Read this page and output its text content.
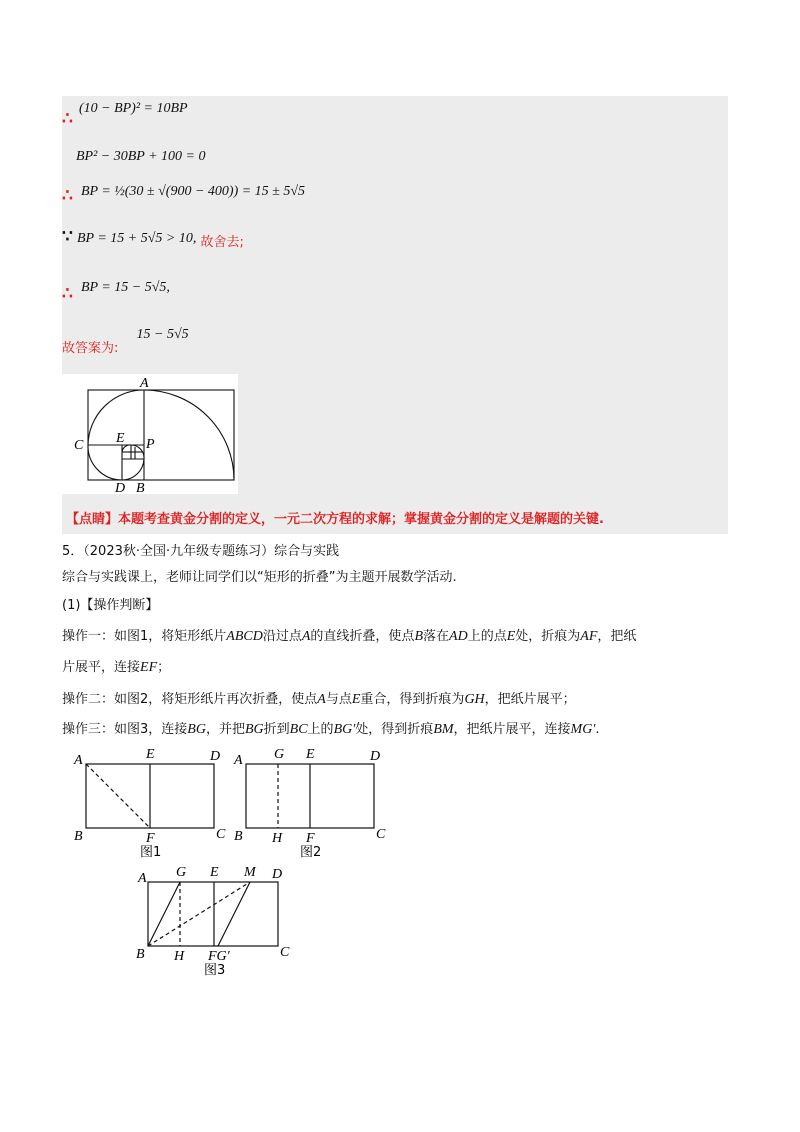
∴ (10 − BP)² = 10BP
BP² − 30BP + 100 = 0
∴ BP = ½(30 ± √(900 − 400)) = 15 ± 5√5
∵ BP = 15 + 5√5 > 10, 故舍去;
∴ BP = 15 − 5√5,
故答案为: 15 − 5√5
A
C E P
D B
【点睛】本题考查黄金分割的定义，一元二次方程的求解；掌握黄金分割的定义是解题的关键.
5．（2023秋·全国·九年级专题练习）综合与实践
综合与实践课上，老师让同学们以“矩形的折叠”为主题开展数学活动.
(1)【操作判断】
操作一：如图1，将矩形纸片ABCD沿过点A的直线折叠，使点B落在AD上的点E处，折痕为AF，把纸
片展平，连接EF；
操作二：如图2，将矩形纸片再次折叠，使点A与点E重合，得到折痕为GH，把纸片展平；
操作三：如图3，连接BG，并把BG折到BC上的BG′处，得到折痕BM，把纸片展平，连接MG′.
A	E	D
B	F	C
图1
A G E	D
B H F	C
图2
A G E M D
B H FG′	C
图3
